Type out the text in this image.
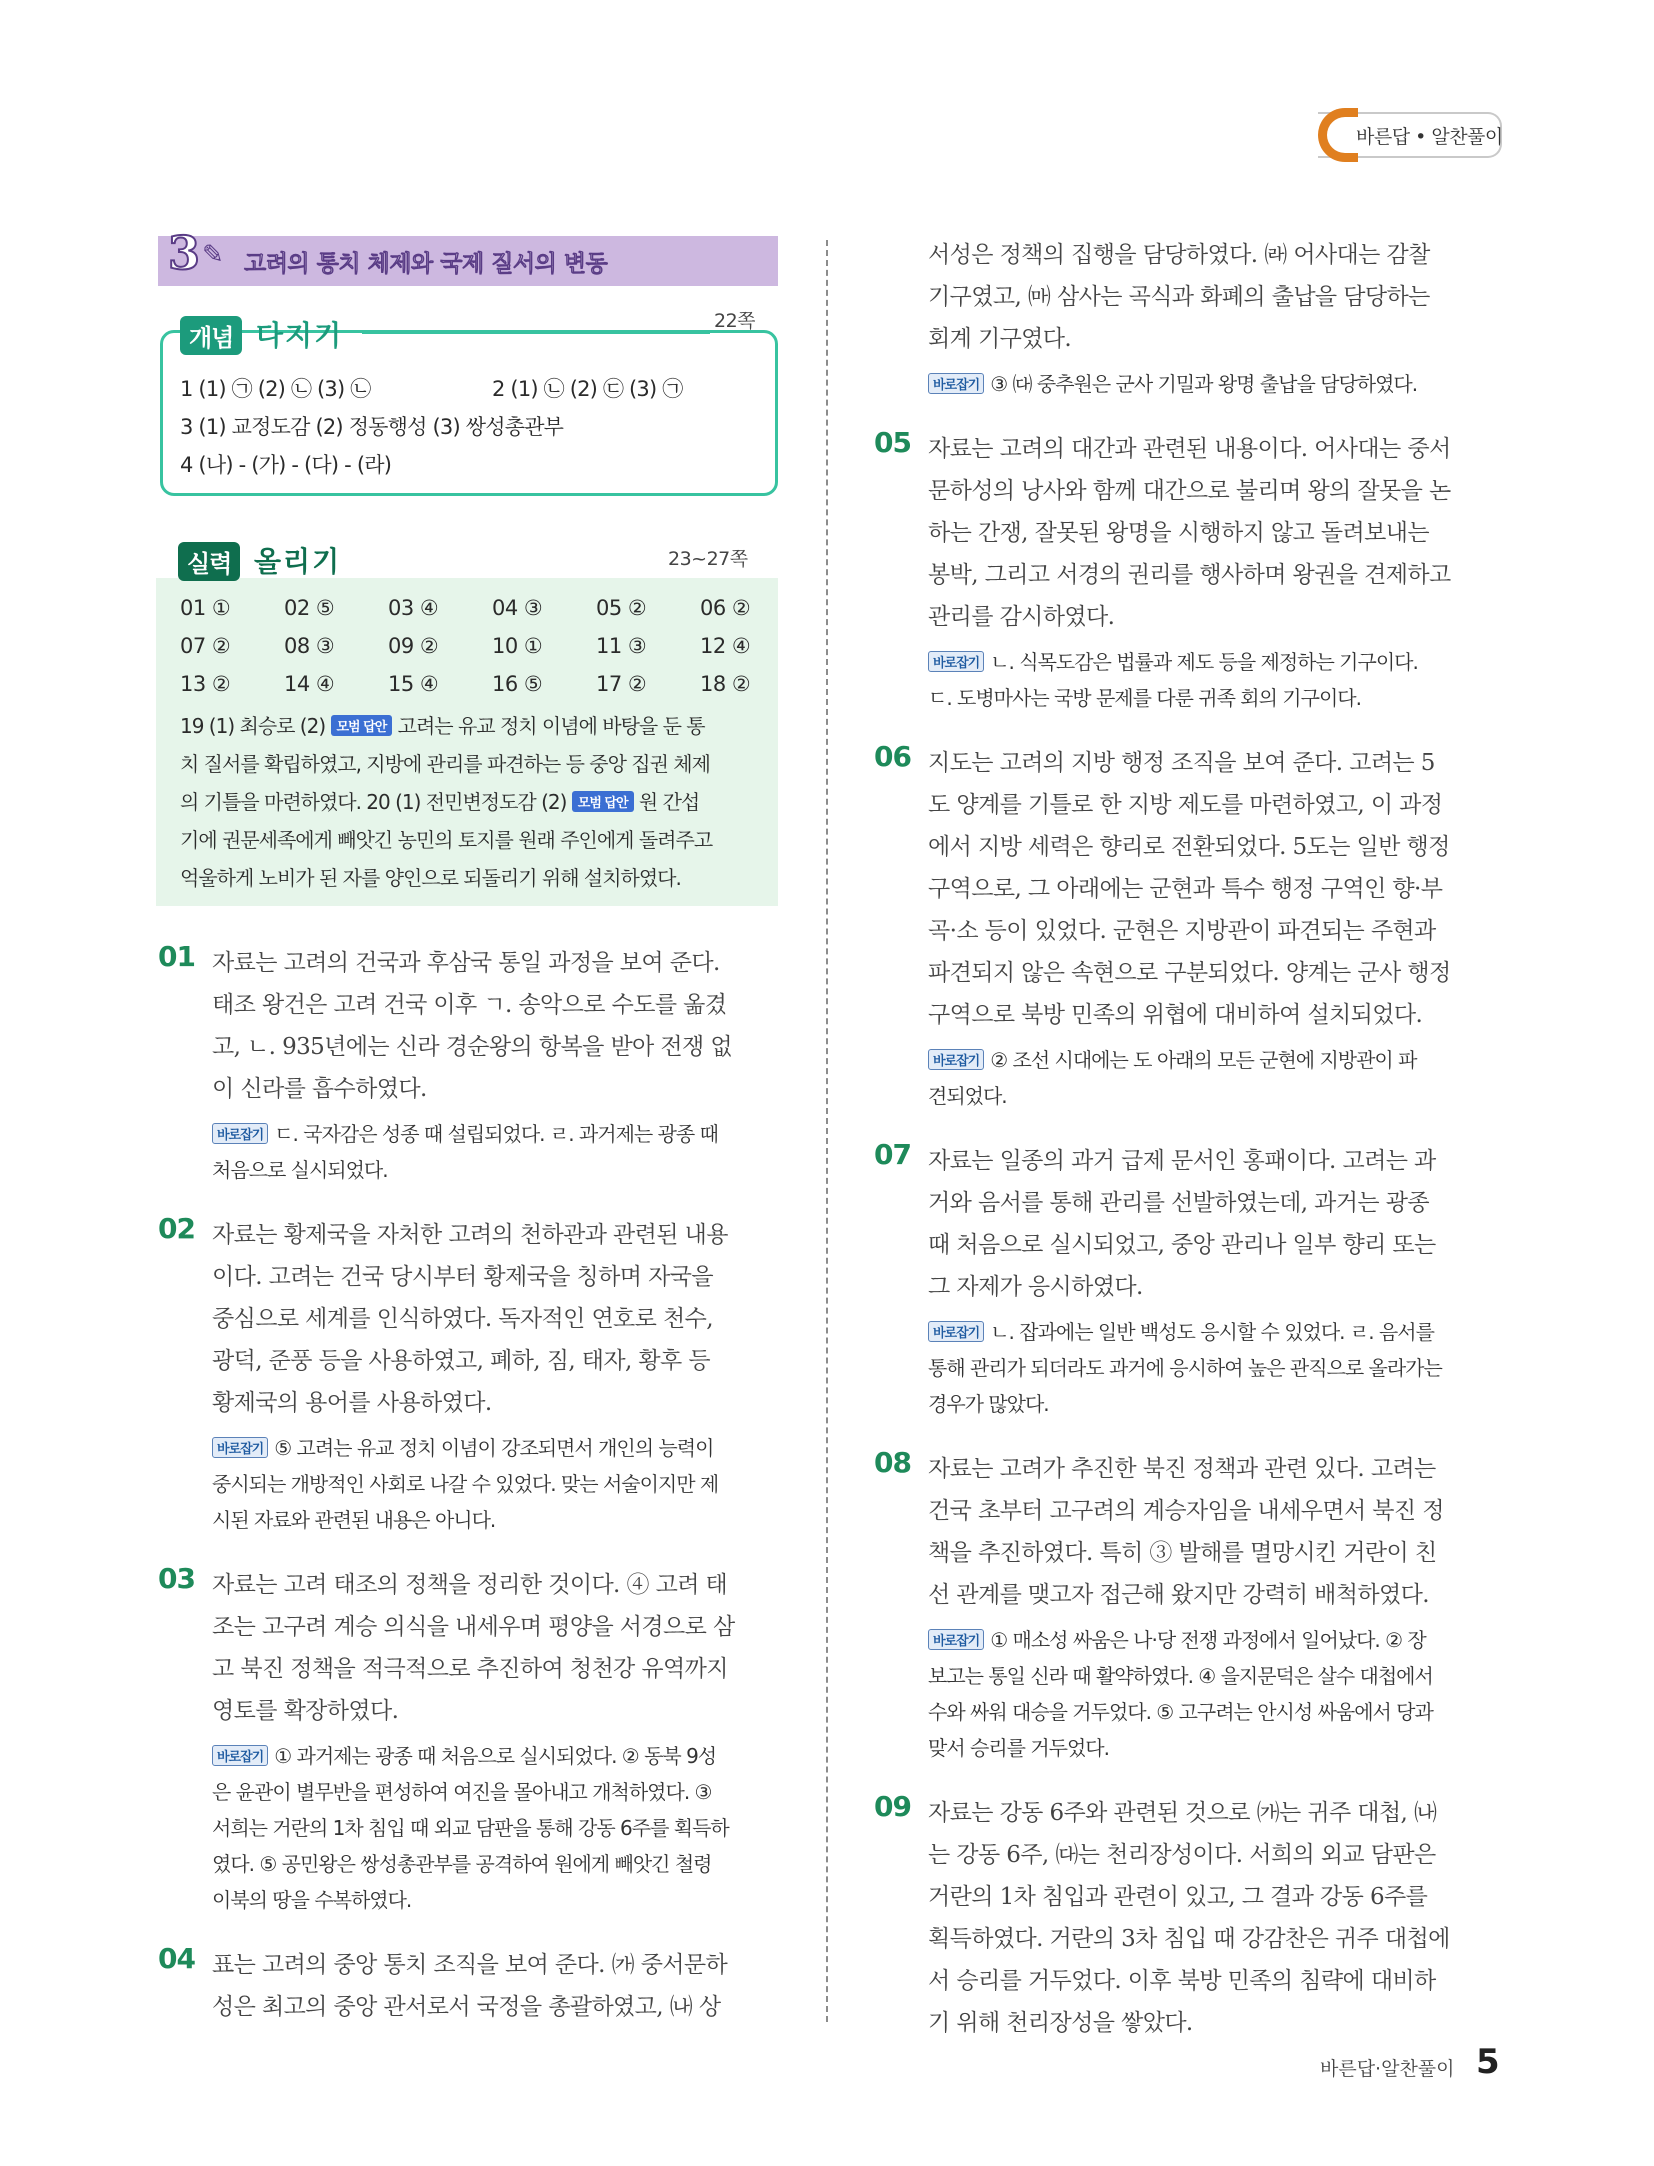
바른답 • 알찬풀이
3 ✎ 고려의 통치 체제와 국제 질서의 변동
개념 다지기	22쪽
1 (1) ㉠ (2) ㉡ (3) ㉡	2 (1) ㉡ (2) ㉢ (3) ㉠
3 (1) 교정도감 (2) 정동행성 (3) 쌍성총관부
4 (나) - (가) - (다) - (라)
실력 올리기	23~27쪽
01 ①	02 ⑤	03 ④	04 ③	05 ②	06 ②
07 ②	08 ③	09 ②	10 ①	11 ③	12 ④
13 ②	14 ④	15 ④	16 ⑤	17 ②	18 ②
19 (1) 최승로 (2) 모범 답안 고려는 유교 정치 이념에 바탕을 둔 통
치 질서를 확립하였고, 지방에 관리를 파견하는 등 중앙 집권 체제
의 기틀을 마련하였다. 20 (1) 전민변정도감 (2) 모범 답안 원 간섭
기에 권문세족에게 빼앗긴 농민의 토지를 원래 주인에게 돌려주고
억울하게 노비가 된 자를 양인으로 되돌리기 위해 설치하였다.
01 자료는 고려의 건국과 후삼국 통일 과정을 보여 준다.
태조 왕건은 고려 건국 이후 ㄱ. 송악으로 수도를 옮겼
고, ㄴ. 935년에는 신라 경순왕의 항복을 받아 전쟁 없
이 신라를 흡수하였다.
바로잡기 ㄷ. 국자감은 성종 때 설립되었다. ㄹ. 과거제는 광종 때
처음으로 실시되었다.
02 자료는 황제국을 자처한 고려의 천하관과 관련된 내용
이다. 고려는 건국 당시부터 황제국을 칭하며 자국을
중심으로 세계를 인식하였다. 독자적인 연호로 천수,
광덕, 준풍 등을 사용하였고, 폐하, 짐, 태자, 황후 등
황제국의 용어를 사용하였다.
바로잡기 ⑤ 고려는 유교 정치 이념이 강조되면서 개인의 능력이
중시되는 개방적인 사회로 나갈 수 있었다. 맞는 서술이지만 제
시된 자료와 관련된 내용은 아니다.
03 자료는 고려 태조의 정책을 정리한 것이다. ④ 고려 태
조는 고구려 계승 의식을 내세우며 평양을 서경으로 삼
고 북진 정책을 적극적으로 추진하여 청천강 유역까지
영토를 확장하였다.
바로잡기 ① 과거제는 광종 때 처음으로 실시되었다. ② 동북 9성
은 윤관이 별무반을 편성하여 여진을 몰아내고 개척하였다. ③
서희는 거란의 1차 침입 때 외교 담판을 통해 강동 6주를 획득하
였다. ⑤ 공민왕은 쌍성총관부를 공격하여 원에게 빼앗긴 철령
이북의 땅을 수복하였다.
04 표는 고려의 중앙 통치 조직을 보여 준다. ㈎ 중서문하
성은 최고의 중앙 관서로서 국정을 총괄하였고, ㈏ 상
서성은 정책의 집행을 담당하였다. ㈑ 어사대는 감찰
기구였고, ㈒ 삼사는 곡식과 화폐의 출납을 담당하는
회계 기구였다.
바로잡기 ③ ㈐ 중추원은 군사 기밀과 왕명 출납을 담당하였다.
05 자료는 고려의 대간과 관련된 내용이다. 어사대는 중서
문하성의 낭사와 함께 대간으로 불리며 왕의 잘못을 논
하는 간쟁, 잘못된 왕명을 시행하지 않고 돌려보내는
봉박, 그리고 서경의 권리를 행사하며 왕권을 견제하고
관리를 감시하였다.
바로잡기 ㄴ. 식목도감은 법률과 제도 등을 제정하는 기구이다.
ㄷ. 도병마사는 국방 문제를 다룬 귀족 회의 기구이다.
06 지도는 고려의 지방 행정 조직을 보여 준다. 고려는 5
도 양계를 기틀로 한 지방 제도를 마련하였고, 이 과정
에서 지방 세력은 향리로 전환되었다. 5도는 일반 행정
구역으로, 그 아래에는 군현과 특수 행정 구역인 향·부
곡·소 등이 있었다. 군현은 지방관이 파견되는 주현과
파견되지 않은 속현으로 구분되었다. 양계는 군사 행정
구역으로 북방 민족의 위협에 대비하여 설치되었다.
바로잡기 ② 조선 시대에는 도 아래의 모든 군현에 지방관이 파
견되었다.
07 자료는 일종의 과거 급제 문서인 홍패이다. 고려는 과
거와 음서를 통해 관리를 선발하였는데, 과거는 광종
때 처음으로 실시되었고, 중앙 관리나 일부 향리 또는
그 자제가 응시하였다.
바로잡기 ㄴ. 잡과에는 일반 백성도 응시할 수 있었다. ㄹ. 음서를
통해 관리가 되더라도 과거에 응시하여 높은 관직으로 올라가는
경우가 많았다.
08 자료는 고려가 추진한 북진 정책과 관련 있다. 고려는
건국 초부터 고구려의 계승자임을 내세우면서 북진 정
책을 추진하였다. 특히 ③ 발해를 멸망시킨 거란이 친
선 관계를 맺고자 접근해 왔지만 강력히 배척하였다.
바로잡기 ① 매소성 싸움은 나·당 전쟁 과정에서 일어났다. ② 장
보고는 통일 신라 때 활약하였다. ④ 을지문덕은 살수 대첩에서
수와 싸워 대승을 거두었다. ⑤ 고구려는 안시성 싸움에서 당과
맞서 승리를 거두었다.
09 자료는 강동 6주와 관련된 것으로 ㈎는 귀주 대첩, ㈏
는 강동 6주, ㈐는 천리장성이다. 서희의 외교 담판은
거란의 1차 침입과 관련이 있고, 그 결과 강동 6주를
획득하였다. 거란의 3차 침입 때 강감찬은 귀주 대첩에
서 승리를 거두었다. 이후 북방 민족의 침략에 대비하
기 위해 천리장성을 쌓았다.
바른답·알찬풀이 5
